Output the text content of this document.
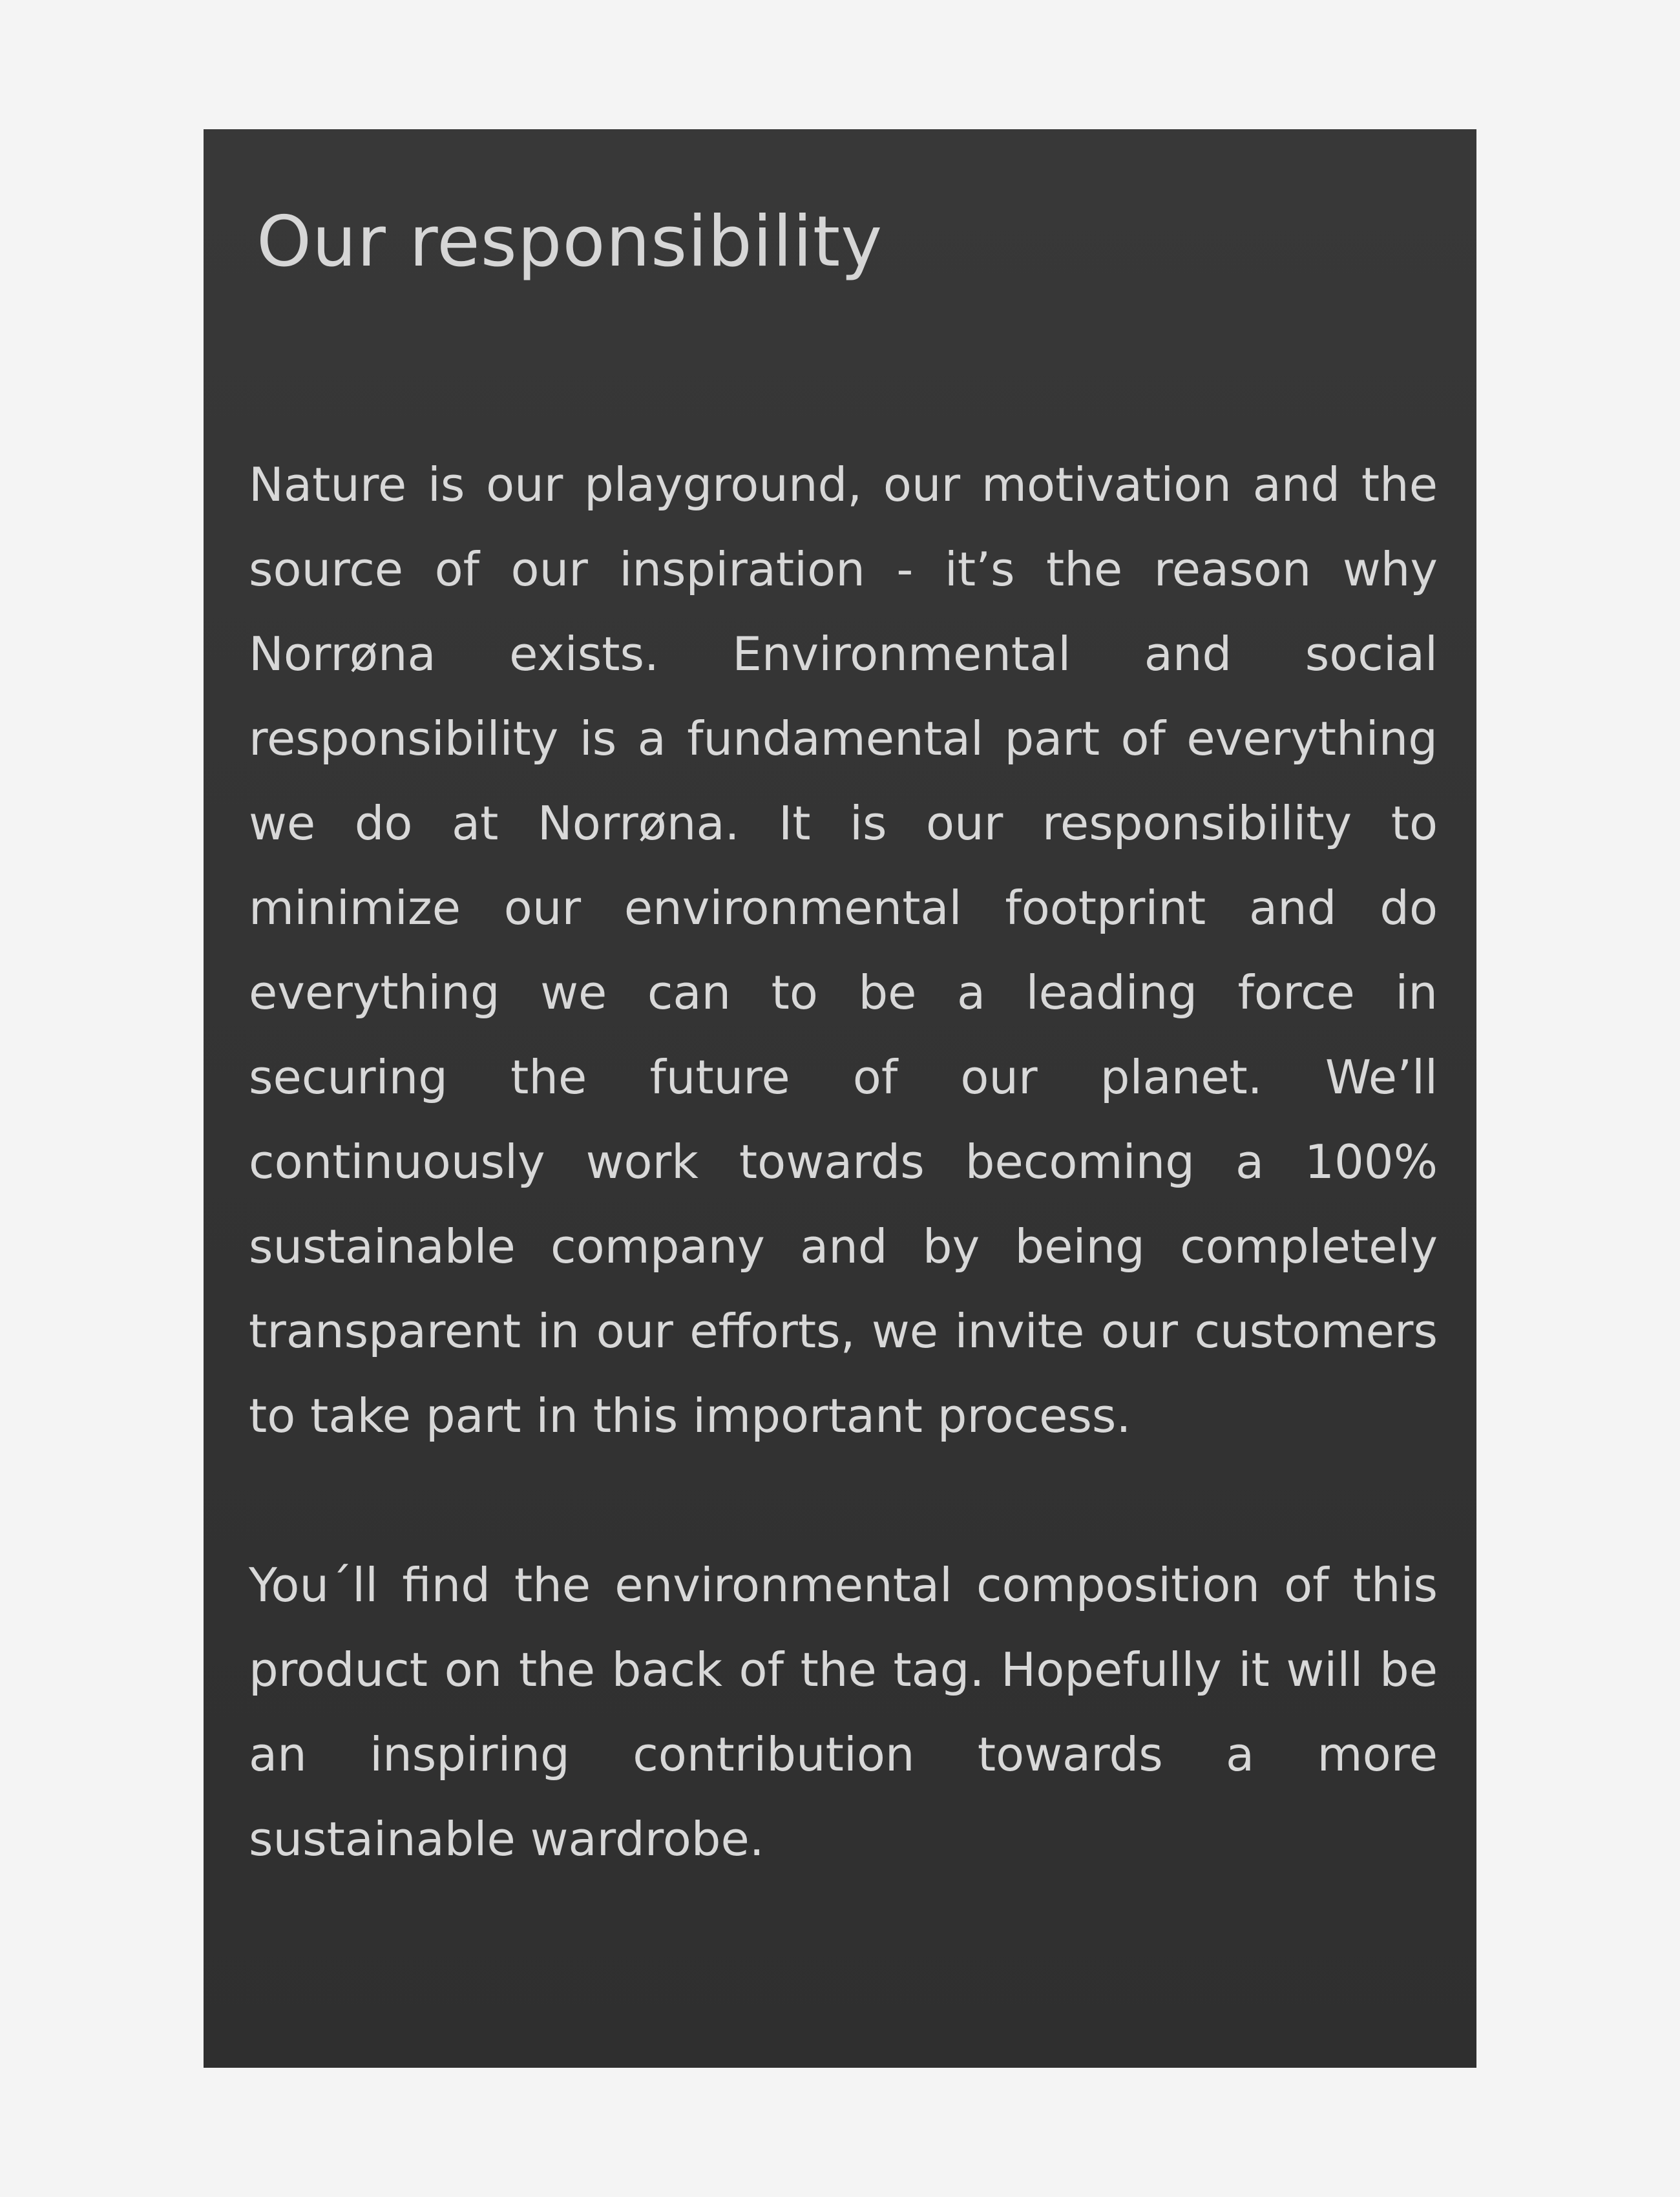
Our responsibility

Nature is our playground, our motivation and the source of our inspiration - it’s the reason why Norrøna exists. Environmental and social responsibility is a fundamental part of everything we do at Norrøna. It is our responsibility to minimize our environmental footprint and do everything we can to be a leading force in securing the future of our planet. We’ll continuously work towards becoming a 100% sustainable company and by being completely transparent in our efforts, we invite our customers to take part in this important process.

You´ll find the environmental composition of this product on the back of the tag. Hopefully it will be an inspiring contribution towards a more sustainable wardrobe.
